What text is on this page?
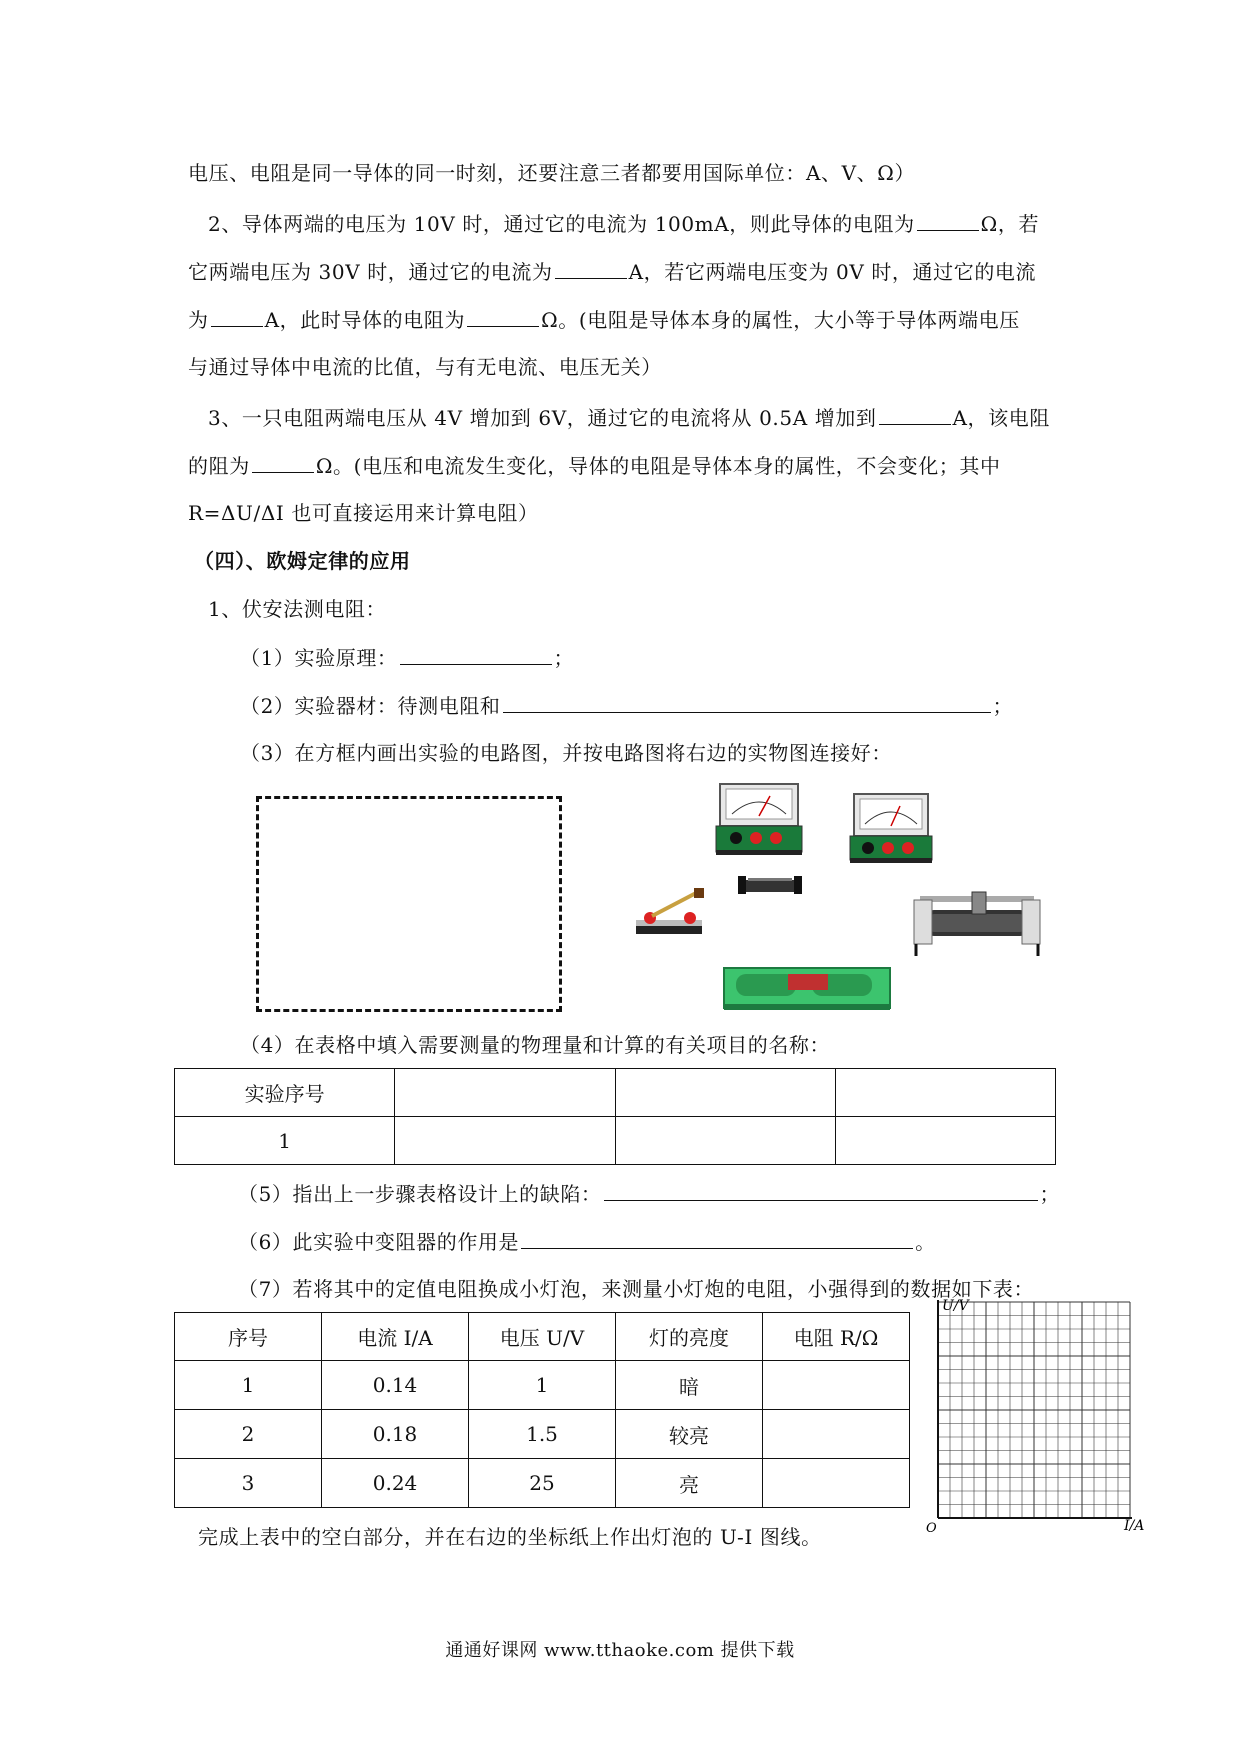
电压、电阻是同一导体的同一时刻，还要注意三者都要用国际单位：A、V、Ω）
2、导体两端的电压为 10V 时，通过它的电流为 100mA，则此导体的电阻为	Ω，若
它两端电压为 30V 时，通过它的电流为	A，若它两端电压变为 0V 时，通过它的电流
为	A，此时导体的电阻为	Ω。(电阻是导体本身的属性，大小等于导体两端电压
与通过导体中电流的比值，与有无电流、电压无关）
3、一只电阻两端电压从 4V 增加到 6V，通过它的电流将从 0.5A 增加到	A，该电阻
的阻为	Ω。(电压和电流发生变化，导体的电阻是导体本身的属性，不会变化；其中
R=ΔU/ΔI 也可直接运用来计算电阻）
（四）、欧姆定律的应用
1、伏安法测电阻：
（1）实验原理：	；
（2）实验器材：待测电阻和	；
（3）在方框内画出实验的电路图，并按电路图将右边的实物图连接好：
（4）在表格中填入需要测量的物理量和计算的有关项目的名称：
实验序号			
1			
（5）指出上一步骤表格设计上的缺陷：	；
（6）此实验中变阻器的作用是	。
（7）若将其中的定值电阻换成小灯泡，来测量小灯炮的电阻，小强得到的数据如下表：
序号	电流 I/A	电压 U/V	灯的亮度	电阻 R/Ω
1	0.14	1	暗	
2	0.18	1.5	较亮	
3	0.24	25	亮	
U/V
I/A
O
完成上表中的空白部分，并在右边的坐标纸上作出灯泡的 U-I 图线。
通通好课网 www.tthaoke.com 提供下载
